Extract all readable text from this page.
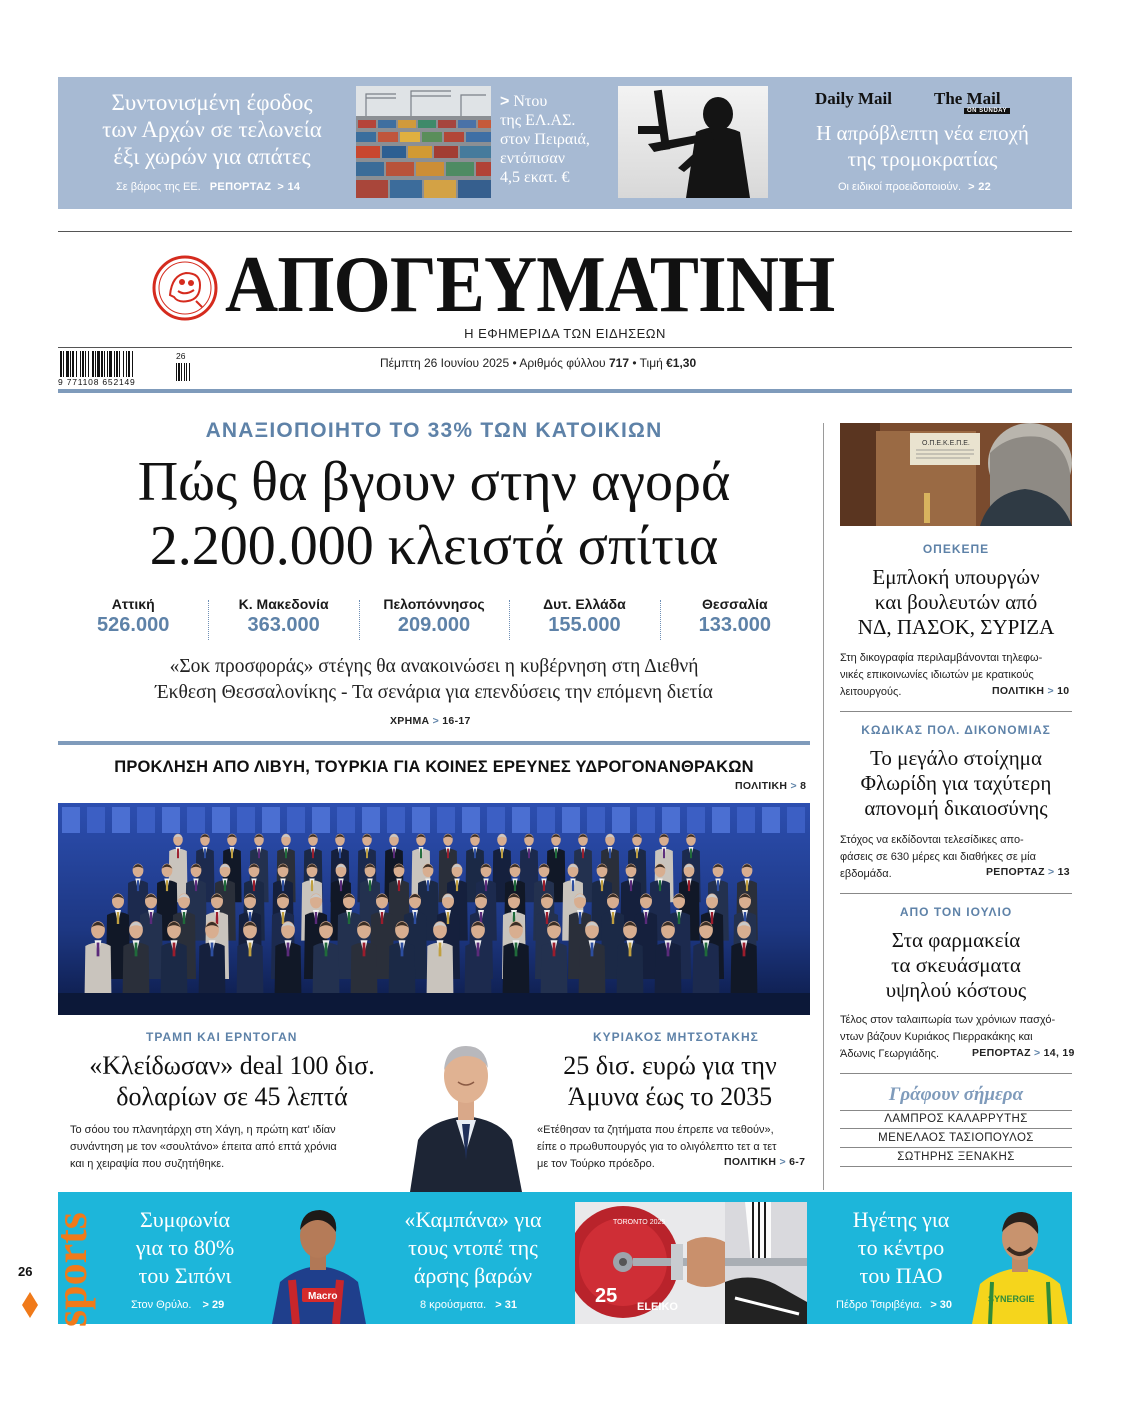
Συντονισμένη έφοδος
των Αρχών σε τελωνεία
έξι χωρών για απάτες
Σε βάρος της ΕΕ. ΡΕΠΟΡΤΑΖ > 14
> Ντου
της ΕΛ.ΑΣ.
στον Πειραιά,
εντόπισαν
4,5 εκατ. €
Daily Mail The Mail
ON SUNDAY
Η απρόβλεπτη νέα εποχή
της τρομοκρατίας
Οι ειδικοί προειδοποιούν. > 22
ΑΠΟΓΕΥΜΑΤΙΝΗ
Η ΕΦΗΜΕΡΙΔΑ ΤΩΝ ΕΙΔΗΣΕΩΝ
9 771108 652149
26	Πέμπτη 26 Ιουνίου 2025 • Αριθμός φύλλου 717 • Τιμή €1,30
ΑΝΑΞΙΟΠΟΙΗΤΟ ΤΟ 33% ΤΩΝ ΚΑΤΟΙΚΙΩΝ
Πώς θα βγουν στην αγορά
2.200.000 κλειστά σπίτια
Αττική
526.000
Κ. Μακεδονία
363.000
Πελοπόννησος
209.000
Δυτ. Ελλάδα
155.000
Θεσσαλία
133.000
«Σοκ προσφοράς» στέγης θα ανακοινώσει η κυβέρνηση στη Διεθνή
Έκθεση Θεσσαλονίκης - Τα σενάρια για επενδύσεις την επόμενη διετία
ΧΡΗΜΑ > 16-17
ΠΡΟΚΛΗΣΗ ΑΠΟ ΛΙΒΥΗ, ΤΟΥΡΚΙΑ ΓΙΑ ΚΟΙΝΕΣ ΕΡΕΥΝΕΣ ΥΔΡΟΓΟΝΑΝΘΡΑΚΩΝ
ΠΟΛΙΤΙΚΗ > 8
ΤΡΑΜΠ ΚΑΙ ΕΡΝΤΟΓΑΝ
«Κλείδωσαν» deal 100 δισ.
δολαρίων σε 45 λεπτά
Το σόου του πλανητάρχη στη Χάγη, η πρώτη κατ' ιδίαν
συνάντηση με τον «σουλτάνο» έπειτα από επτά χρόνια
και η χειραψία που συζητήθηκε.
ΚΥΡΙΑΚΟΣ ΜΗΤΣΟΤΑΚΗΣ
25 δισ. ευρώ για την
Άμυνα έως το 2035
«Ετέθησαν τα ζητήματα που έπρεπε να τεθούν»,
είπε ο πρωθυπουργός για το ολιγόλεπτο τετ α τετ
με τον Τούρκο πρόεδρο.	ΠΟΛΙΤΙΚΗ > 6-7
Ο.Π.Ε.Κ.Ε.Π.Ε.
ΟΠΕΚΕΠΕ
Εμπλοκή υπουργών
και βουλευτών από
ΝΔ, ΠΑΣΟΚ, ΣΥΡΙΖΑ
Στη δικογραφία περιλαμβάνονται τηλεφω-
νικές επικοινωνίες ιδιωτών με κρατικούς
λειτουργούς.	ΠΟΛΙΤΙΚΗ > 10
ΚΩΔΙΚΑΣ ΠΟΛ. ΔΙΚΟΝΟΜΙΑΣ
Το μεγάλο στοίχημα
Φλωρίδη για ταχύτερη
απονομή δικαιοσύνης
Στόχος να εκδίδονται τελεσίδικες απο-
φάσεις σε 630 μέρες και διαθήκες σε μία
εβδομάδα.	ΡΕΠΟΡΤΑΖ > 13
ΑΠΟ ΤΟΝ ΙΟΥΛΙΟ
Στα φαρμακεία
τα σκευάσματα
υψηλού κόστους
Τέλος στον ταλαιπωρία των χρόνιων πασχό-
ντων βάζουν Κυριάκος Πιερρακάκης και
Άδωνις Γεωργιάδης.	ΡΕΠΟΡΤΑΖ > 14, 19
Γράφουν σήμερα
ΛΑΜΠΡΟΣ ΚΑΛΑΡΡΥΤΗΣ
ΜΕΝΕΛΑΟΣ ΤΑΣΙΟΠΟΥΛΟΣ
ΣΩΤΗΡΗΣ ΞΕΝΑΚΗΣ
sports	Συμφωνία
για το 80%
του Σιπόνι
Στον Θρύλο. > 29
Macro
«Καμπάνα» για
τους ντοπέ της
άρσης βαρών
8 κρούσματα. > 31	25 ELEIKO
TORONTO 2025	Ηγέτης για
το κέντρο
του ΠΑΟ
Πέδρο Τσιριβέγια. > 30	SYNERGIE
26
